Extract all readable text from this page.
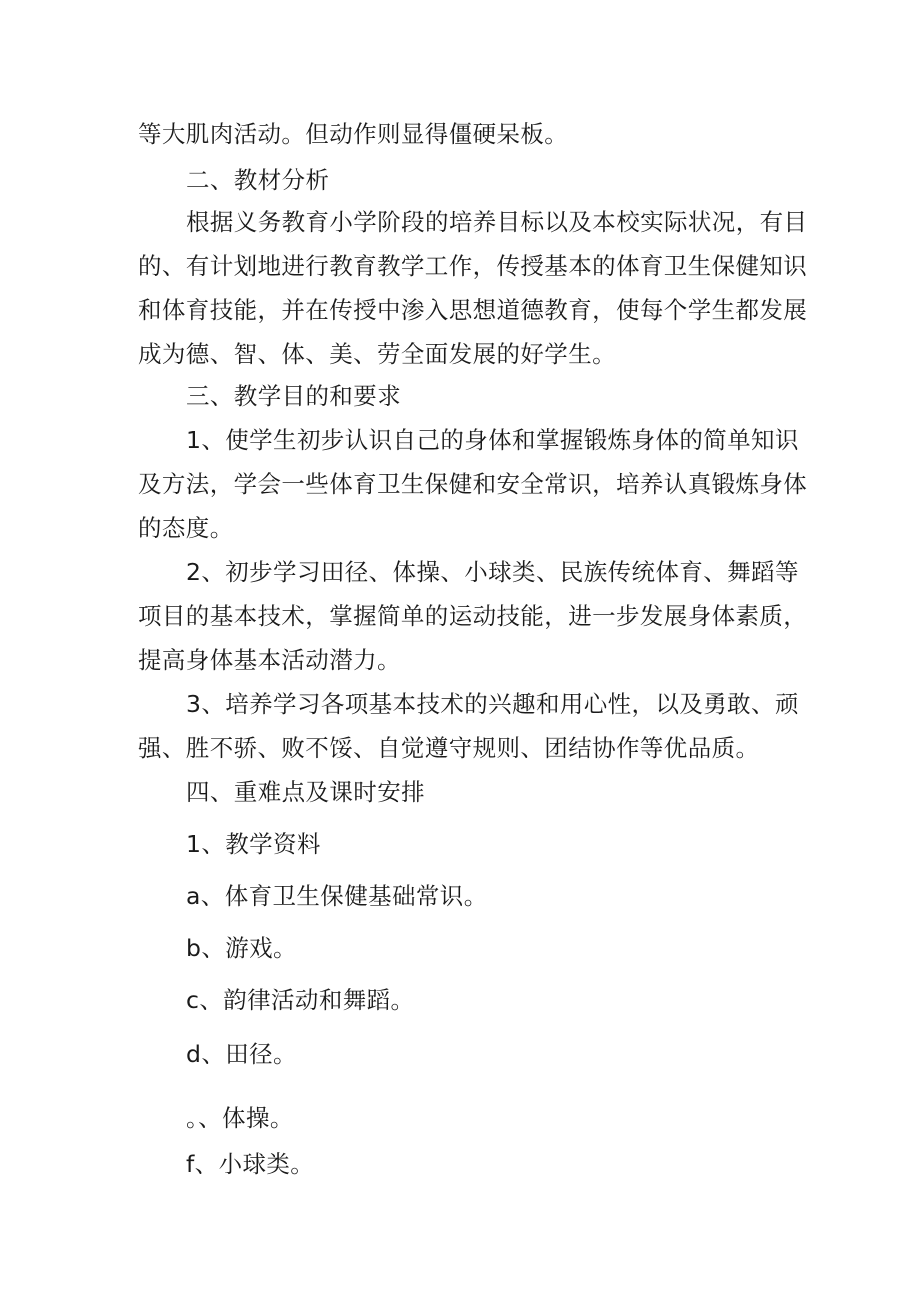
等大肌肉活动。但动作则显得僵硬呆板。
二、教材分析
根据义务教育小学阶段的培养目标以及本校实际状况，有目
的、有计划地进行教育教学工作，传授基本的体育卫生保健知识
和体育技能，并在传授中渗入思想道德教育，使每个学生都发展
成为德、智、体、美、劳全面发展的好学生。
三、教学目的和要求
1、使学生初步认识自己的身体和掌握锻炼身体的简单知识
及方法，学会一些体育卫生保健和安全常识，培养认真锻炼身体
的态度。
2、初步学习田径、体操、小球类、民族传统体育、舞蹈等
项目的基本技术，掌握简单的运动技能，进一步发展身体素质，
提高身体基本活动潜力。
3、培养学习各项基本技术的兴趣和用心性，以及勇敢、顽
强、胜不骄、败不馁、自觉遵守规则、团结协作等优品质。
四、重难点及课时安排
1、教学资料
a、体育卫生保健基础常识。
b、游戏。
c、韵律活动和舞蹈。
d、田径。
。、体操。
f、小球类。
